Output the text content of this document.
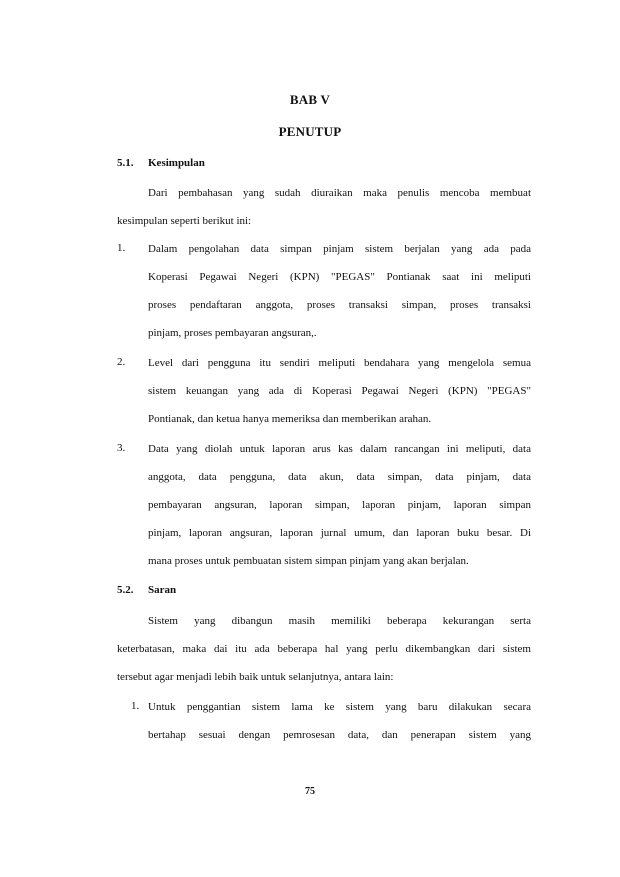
BAB V
PENUTUP
5.1. Kesimpulan
Dari pembahasan yang sudah diuraikan maka penulis mencoba membuat
kesimpulan seperti berikut ini:
1. Dalam pengolahan data simpan pinjam sistem berjalan yang ada pada
Koperasi Pegawai Negeri (KPN) "PEGAS" Pontianak saat ini meliputi
proses pendaftaran anggota, proses transaksi simpan, proses transaksi
pinjam, proses pembayaran angsuran,.
2. Level dari pengguna itu sendiri meliputi bendahara yang mengelola semua
sistem keuangan yang ada di Koperasi Pegawai Negeri (KPN) "PEGAS"
Pontianak, dan ketua hanya memeriksa dan memberikan arahan.
3. Data yang diolah untuk laporan arus kas dalam rancangan ini meliputi, data
anggota, data pengguna, data akun, data simpan, data pinjam, data
pembayaran angsuran, laporan simpan, laporan pinjam, laporan simpan
pinjam, laporan angsuran, laporan jurnal umum, dan laporan buku besar. Di
mana proses untuk pembuatan sistem simpan pinjam yang akan berjalan.
5.2. Saran
Sistem yang dibangun masih memiliki beberapa kekurangan serta
keterbatasan, maka dai itu ada beberapa hal yang perlu dikembangkan dari sistem
tersebut agar menjadi lebih baik untuk selanjutnya, antara lain:
1. Untuk penggantian sistem lama ke sistem yang baru dilakukan secara
bertahap sesuai dengan pemrosesan data, dan penerapan sistem yang
75
